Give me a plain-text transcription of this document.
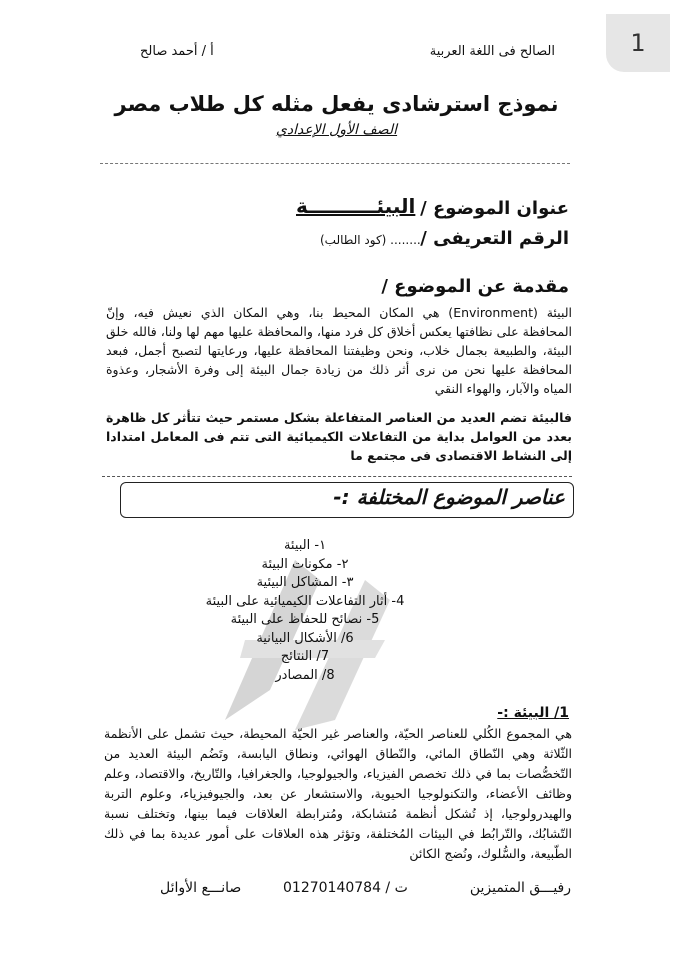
1
الصالح فى اللغة العربية
أ / أحمد صالح
نموذج استرشادى يفعل مثله كل طلاب مصر
الصف الأول الإعدادي
عنوان الموضوع /
البيئــــــــــة
الرقم التعريفى /
........ (كود الطالب)
مقدمة عن الموضوع /
البيئة (Environment) هي المكان المحيط بنا، وهي المكان الذي نعيش فيه، وإنّ المحافظة على نظافتها يعكس أخلاق كل فرد منها، والمحافظة عليها مهم لها ولنا، فالله خلق البيئة، والطبيعة بجمال خلاب، ونحن وظيفتنا المحافظة عليها، ورعايتها لتصبح أجمل، فبعد المحافظة عليها نحن من نرى أثر ذلك من زيادة جمال البيئة إلى وفرة الأشجار، وعذوة المياه والآبار، والهواء النقي
فالبيئة تضم العديد من العناصر المتفاعلة بشكل مستمر حيث تتأثر كل ظاهرة بعدد من العوامل بداية من التفاعلات الكيميائية التى تتم فى المعامل امتدادا إلى النشاط الاقتصادى فى مجتمع ما
عناصر الموضوع المختلفة :-
١- البيئة
٢- مكونات البيئة
٣- المشاكل البيئية
4- أثار التفاعلات الكيميائية على البيئة
5- نصائح للحفاظ على البيئة
6/ الأشكال البيانية
7/ النتائج
8/ المصادر
1/ البيئة :-
هي المجموع الكُلي للعناصر الحيّة، والعناصر غير الحيّة المحيطة، حيث تشمل على الأنظمة الثّلاثة وهي النّطاق المائي، والنّطاق الهوائي، ونطاق اليابسة، وتَضُم البيئة العديد من التّخصُّصات بما في ذلك تخصص الفيزياء، والجيولوجيا، والجغرافيا، والتّاريخ، والاقتصاد، وعلم وظائف الأعضاء، والتكنولوجيا الحيوية، والاستشعار عن بعد، والجيوفيزياء، وعلوم التربة والهيدرولوجيا، إذ تُشكل أنظمة مُتشابكة، ومُترابطة العلاقات فيما بينها، وتختلف نسبة التّشابُك، والتّرابُط في البيئات المُختلفة، وتؤثر هذه العلاقات على أمور عديدة بما في ذلك الطّبيعة، والسُّلوك، ونُضج الكائن
رفيـــق المتميزين
ت / 01270140784
صانـــع الأوائل
